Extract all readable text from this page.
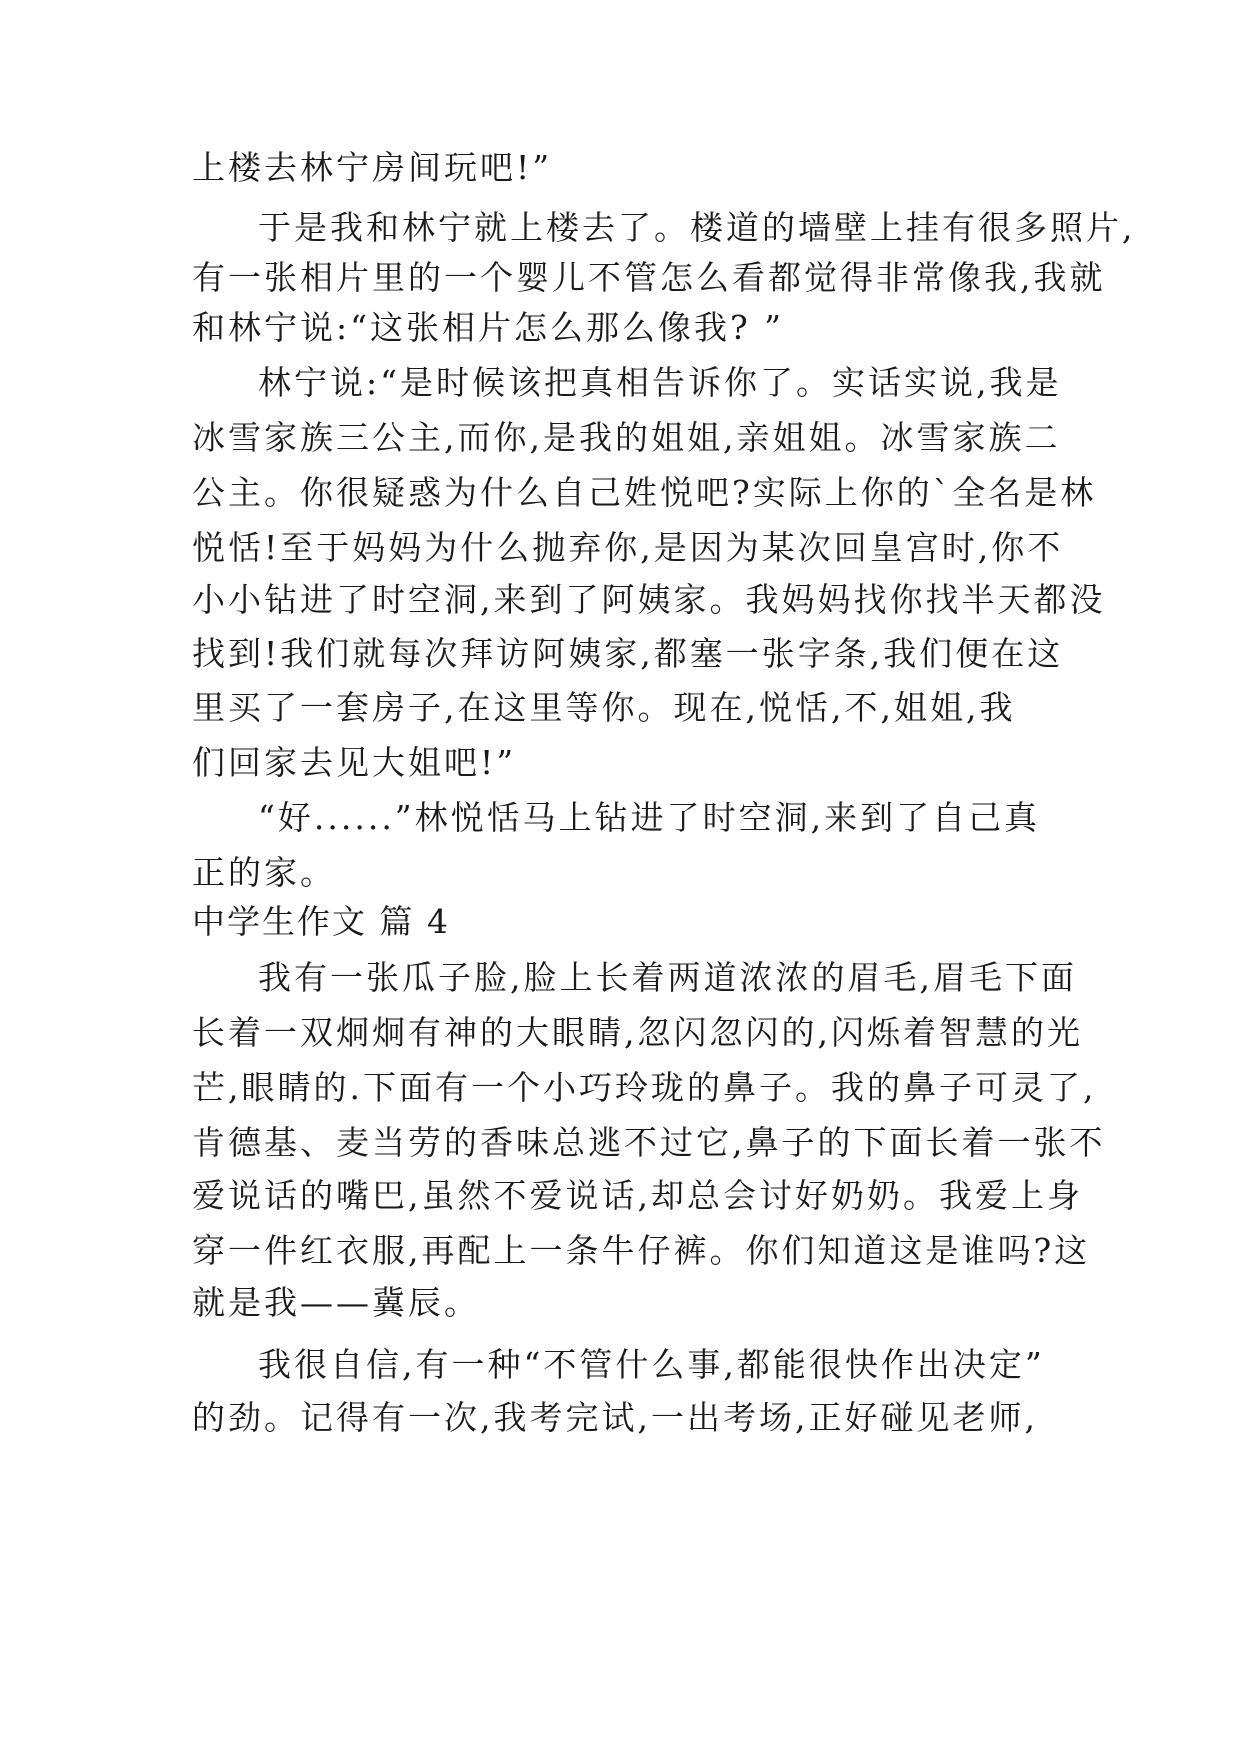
上楼去林宁房间玩吧!”
于是我和林宁就上楼去了。楼道的墙壁上挂有很多照片,
有一张相片里的一个婴儿不管怎么看都觉得非常像我,我就
和林宁说:“这张相片怎么那么像我? ”
林宁说:“是时候该把真相告诉你了。实话实说,我是
冰雪家族三公主,而你,是我的姐姐,亲姐姐。冰雪家族二
公主。你很疑惑为什么自己姓悦吧?实际上你的`全名是林
悦恬!至于妈妈为什么抛弃你,是因为某次回皇宫时,你不
小小钻进了时空洞,来到了阿姨家。我妈妈找你找半天都没
找到!我们就每次拜访阿姨家,都塞一张字条,我们便在这
里买了一套房子,在这里等你。现在,悦恬,不,姐姐,我
们回家去见大姐吧!”
“好......”林悦恬马上钻进了时空洞,来到了自己真
正的家。
中学生作文 篇 4
我有一张瓜子脸,脸上长着两道浓浓的眉毛,眉毛下面
长着一双炯炯有神的大眼睛,忽闪忽闪的,闪烁着智慧的光
芒,眼睛的.下面有一个小巧玲珑的鼻子。我的鼻子可灵了,
肯德基、麦当劳的香味总逃不过它,鼻子的下面长着一张不
爱说话的嘴巴,虽然不爱说话,却总会讨好奶奶。我爱上身
穿一件红衣服,再配上一条牛仔裤。你们知道这是谁吗?这
就是我——冀辰。
我很自信,有一种“不管什么事,都能很快作出决定”
的劲。记得有一次,我考完试,一出考场,正好碰见老师,
